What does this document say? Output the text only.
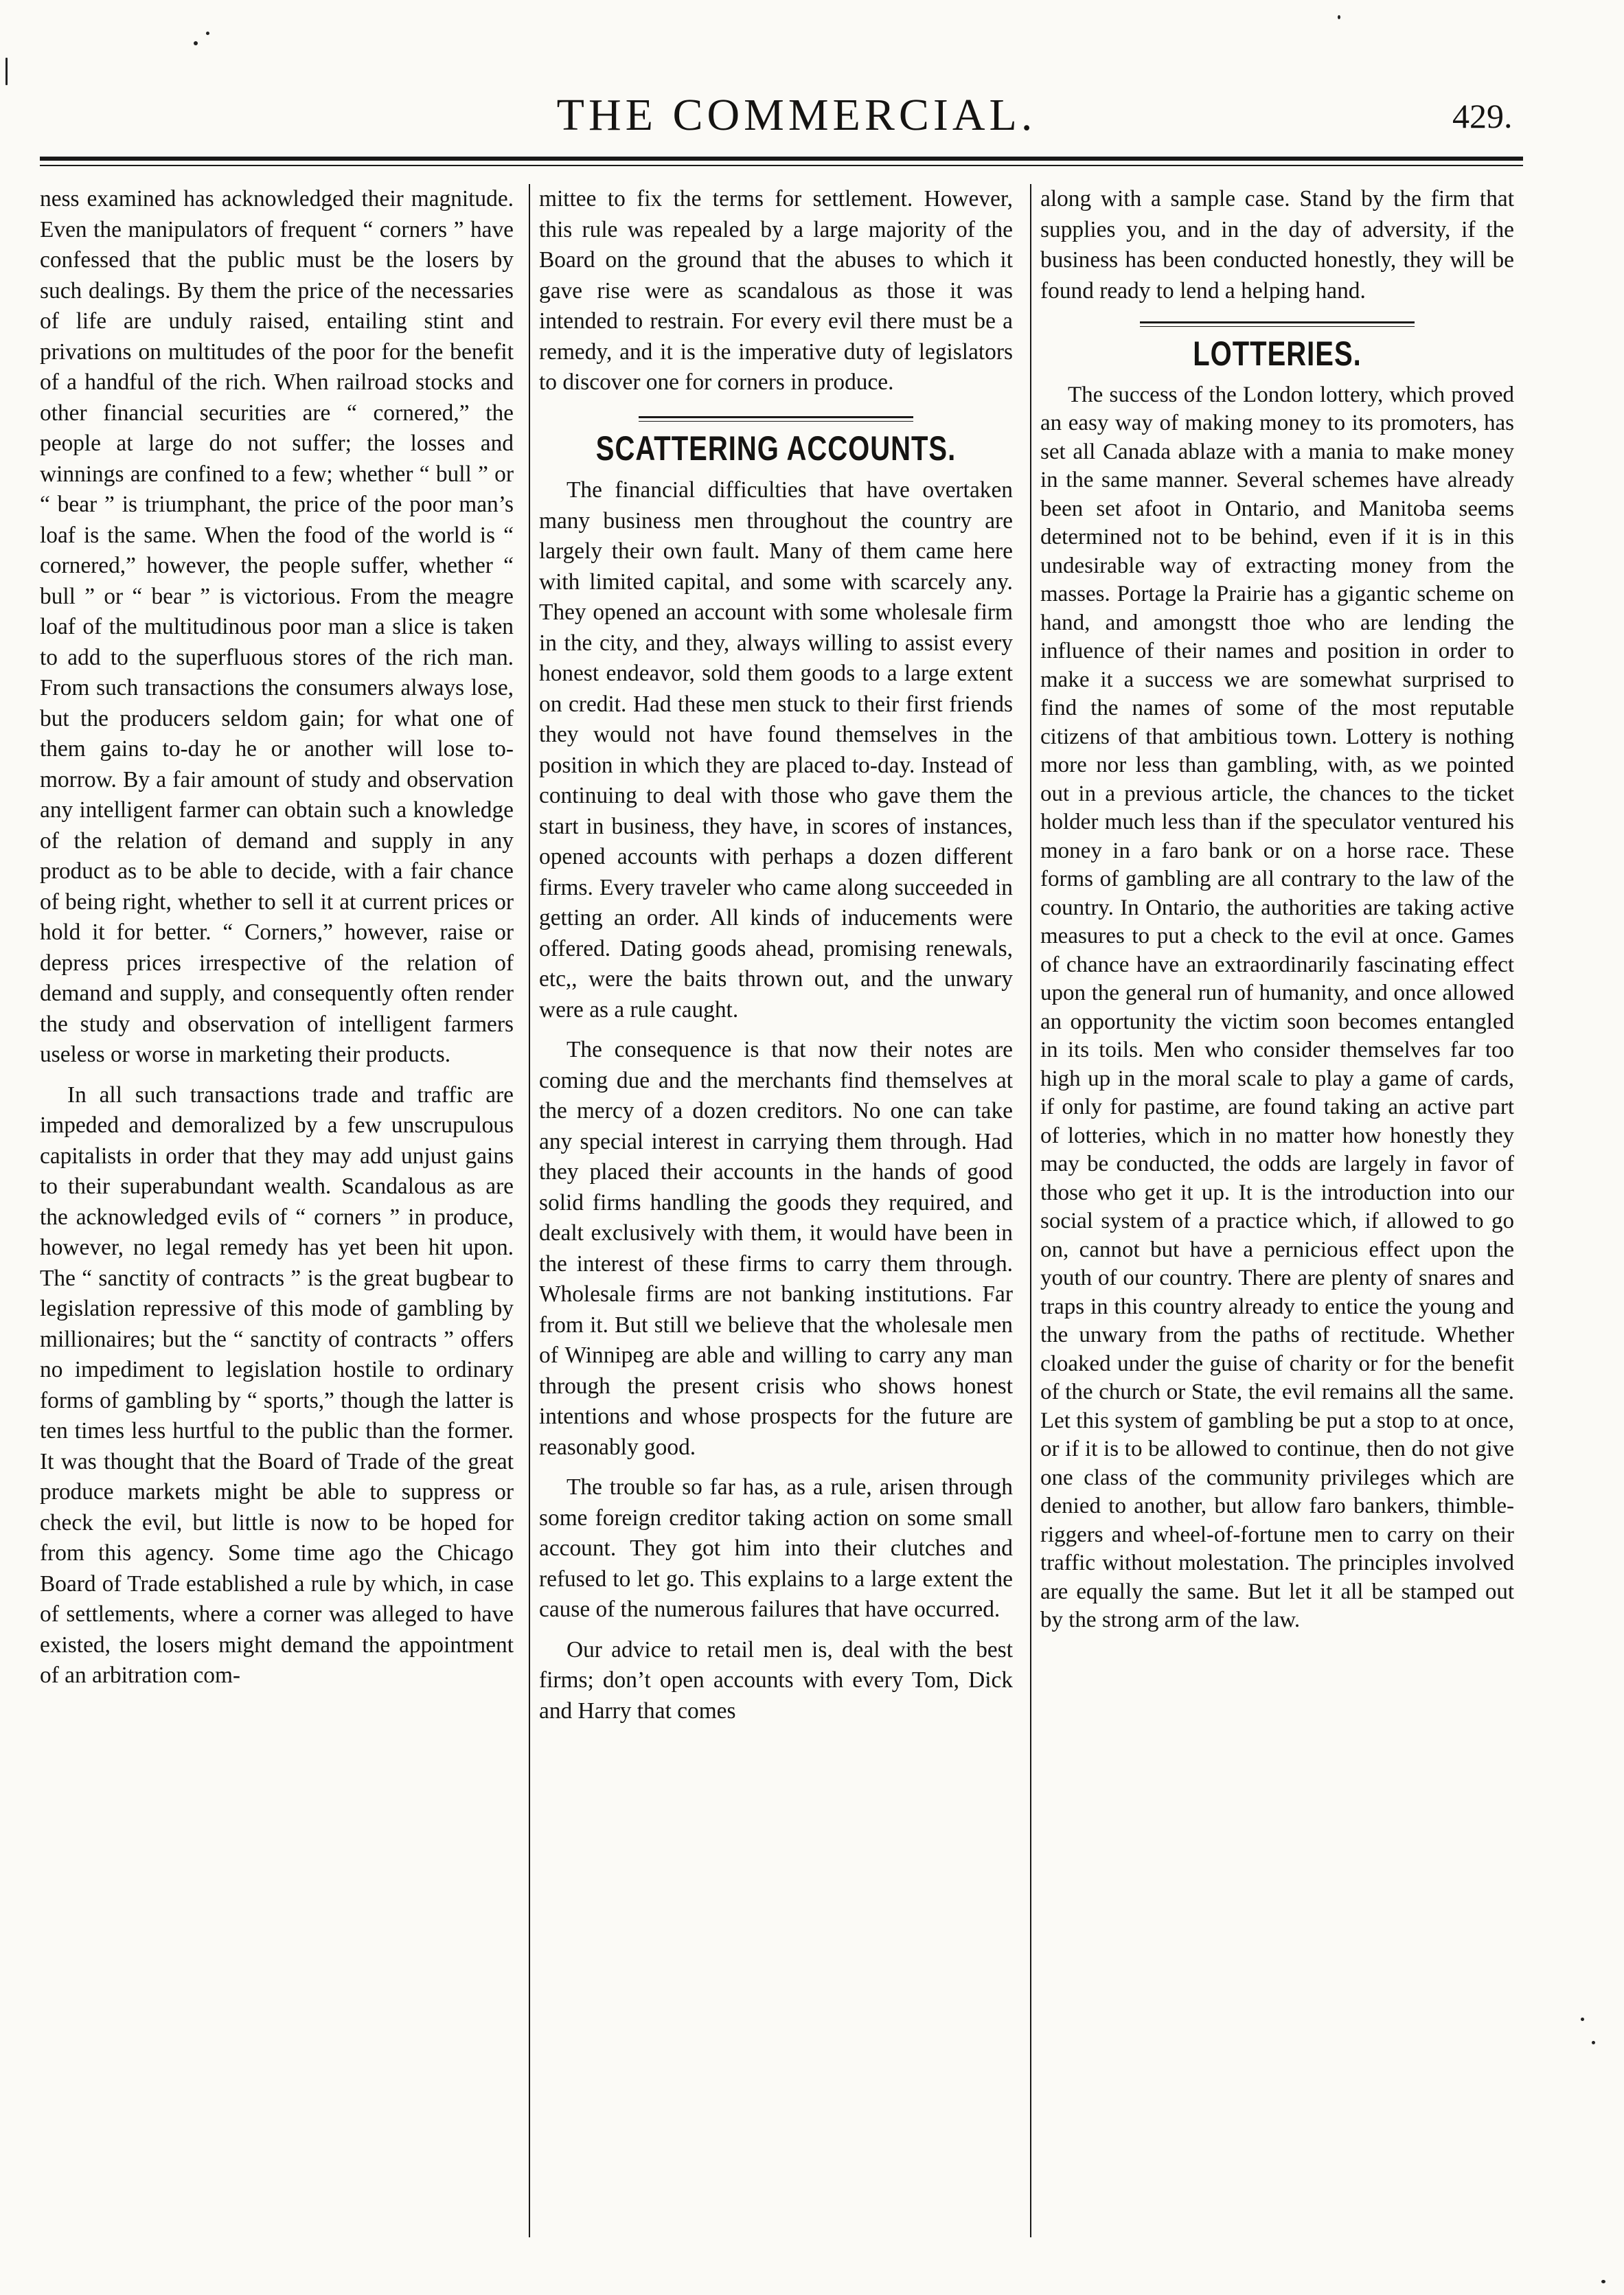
THE COMMERCIAL.	429.

ness examined has acknowledged their magnitude. Even the manipulators of frequent “ corners ” have confessed that the public must be the losers by such dealings. By them the price of the necessaries of life are unduly raised, entailing stint and privations on multitudes of the poor for the benefit of a handful of the rich. When railroad stocks and other financial securities are “ cornered,” the people at large do not suffer; the losses and winnings are confined to a few; whether “ bull ” or “ bear ” is triumphant, the price of the poor man’s loaf is the same. When the food of the world is “ cornered,” however, the people suffer, whether “ bull ” or “ bear ” is victorious. From the meagre loaf of the multitudinous poor man a slice is taken to add to the superfluous stores of the rich man. From such transactions the consumers always lose, but the producers seldom gain; for what one of them gains to-day he or another will lose to-morrow. By a fair amount of study and observation any intelligent farmer can obtain such a knowledge of the relation of demand and supply in any product as to be able to decide, with a fair chance of being right, whether to sell it at current prices or hold it for better. “ Corners,” however, raise or depress prices irrespective of the relation of demand and supply, and consequently often render the study and observation of intelligent farmers useless or worse in marketing their products.

In all such transactions trade and traffic are impeded and demoralized by a few unscrupulous capitalists in order that they may add unjust gains to their superabundant wealth. Scandalous as are the acknowledged evils of “ corners ” in produce, however, no legal remedy has yet been hit upon. The “ sanctity of contracts ” is the great bugbear to legislation repressive of this mode of gambling by millionaires; but the “ sanctity of contracts ” offers no impediment to legislation hostile to ordinary forms of gambling by “ sports,” though the latter is ten times less hurtful to the public than the former. It was thought that the Board of Trade of the great produce markets might be able to suppress or check the evil, but little is now to be hoped for from this agency. Some time ago the Chicago Board of Trade established a rule by which, in case of settlements, where a corner was alleged to have existed, the losers might demand the appointment of an arbitration com-

mittee to fix the terms for settlement. However, this rule was repealed by a large majority of the Board on the ground that the abuses to which it gave rise were as scandalous as those it was intended to restrain. For every evil there must be a remedy, and it is the imperative duty of legislators to discover one for corners in produce.

SCATTERING ACCOUNTS.

The financial difficulties that have overtaken many business men throughout the country are largely their own fault. Many of them came here with limited capital, and some with scarcely any. They opened an account with some wholesale firm in the city, and they, always willing to assist every honest endeavor, sold them goods to a large extent on credit. Had these men stuck to their first friends they would not have found themselves in the position in which they are placed to-day. Instead of continuing to deal with those who gave them the start in business, they have, in scores of instances, opened accounts with perhaps a dozen different firms. Every traveler who came along succeeded in getting an order. All kinds of inducements were offered. Dating goods ahead, promising renewals, etc,, were the baits thrown out, and the unwary were as a rule caught.

The consequence is that now their notes are coming due and the merchants find themselves at the mercy of a dozen creditors. No one can take any special interest in carrying them through. Had they placed their accounts in the hands of good solid firms handling the goods they required, and dealt exclusively with them, it would have been in the interest of these firms to carry them through. Wholesale firms are not banking institutions. Far from it. But still we believe that the wholesale men of Winnipeg are able and willing to carry any man through the present crisis who shows honest intentions and whose prospects for the future are reasonably good.

The trouble so far has, as a rule, arisen through some foreign creditor taking action on some small account. They got him into their clutches and refused to let go. This explains to a large extent the cause of the numerous failures that have occurred.

Our advice to retail men is, deal with the best firms; don’t open accounts with every Tom, Dick and Harry that comes

along with a sample case. Stand by the firm that supplies you, and in the day of adversity, if the business has been conducted honestly, they will be found ready to lend a helping hand.

LOTTERIES.

The success of the London lottery, which proved an easy way of making money to its promoters, has set all Canada ablaze with a mania to make money in the same manner. Several schemes have already been set afoot in Ontario, and Manitoba seems determined not to be behind, even if it is in this undesirable way of extracting money from the masses. Portage la Prairie has a gigantic scheme on hand, and amongstt thoe who are lending the influence of their names and position in order to make it a success we are somewhat surprised to find the names of some of the most reputable citizens of that ambitious town. Lottery is nothing more nor less than gambling, with, as we pointed out in a previous article, the chances to the ticket holder much less than if the speculator ventured his money in a faro bank or on a horse race. These forms of gambling are all contrary to the law of the country. In Ontario, the authorities are taking active measures to put a check to the evil at once. Games of chance have an extraordinarily fascinating effect upon the general run of humanity, and once allowed an opportunity the victim soon becomes entangled in its toils. Men who consider themselves far too high up in the moral scale to play a game of cards, if only for pastime, are found taking an active part of lotteries, which in no matter how honestly they may be conducted, the odds are largely in favor of those who get it up. It is the introduction into our social system of a practice which, if allowed to go on, cannot but have a pernicious effect upon the youth of our country. There are plenty of snares and traps in this country already to entice the young and the unwary from the paths of rectitude. Whether cloaked under the guise of charity or for the benefit of the church or State, the evil remains all the same. Let this system of gambling be put a stop to at once, or if it is to be allowed to continue, then do not give one class of the community privileges which are denied to another, but allow faro bankers, thimble-riggers and wheel-of-fortune men to carry on their traffic without molestation. The principles involved are equally the same. But let it all be stamped out by the strong arm of the law.
